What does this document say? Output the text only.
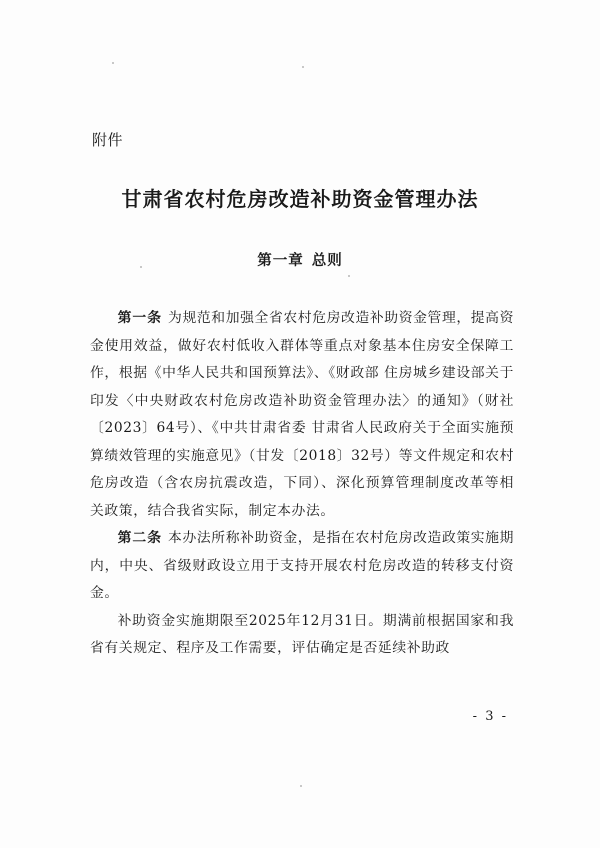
附件
甘肃省农村危房改造补助资金管理办法
第一章 总则

第一条 为规范和加强全省农村危房改造补助资金管理，提高资金使用效益，做好农村低收入群体等重点对象基本住房安全保障工作，根据《中华人民共和国预算法》、《财政部 住房城乡建设部关于印发〈中央财政农村危房改造补助资金管理办法〉的通知》（财社〔2023〕64号）、《中共甘肃省委 甘肃省人民政府关于全面实施预算绩效管理的实施意见》（甘发〔2018〕32号）等文件规定和农村危房改造（含农房抗震改造，下同）、深化预算管理制度改革等相关政策，结合我省实际，制定本办法。

第二条 本办法所称补助资金，是指在农村危房改造政策实施期内，中央、省级财政设立用于支持开展农村危房改造的转移支付资金。

补助资金实施期限至2025年12月31日。期满前根据国家和我省有关规定、程序及工作需要，评估确定是否延续补助政

- 3 -
